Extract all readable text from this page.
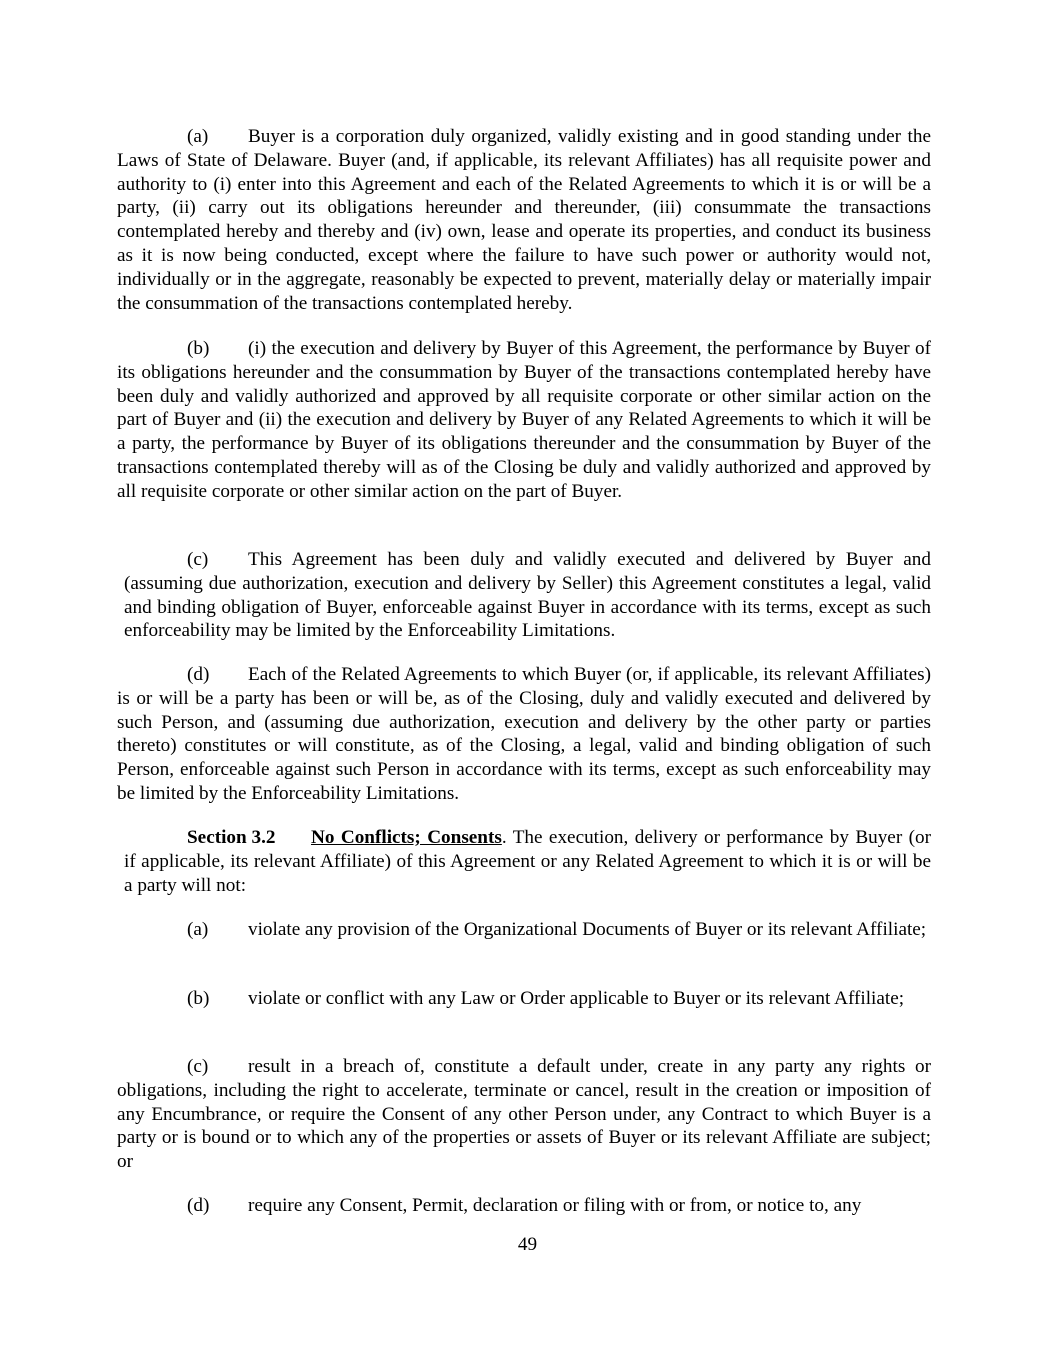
(a) Buyer is a corporation duly organized, validly existing and in good standing under the Laws of State of Delaware. Buyer (and, if applicable, its relevant Affiliates) has all requisite power and authority to (i) enter into this Agreement and each of the Related Agreements to which it is or will be a party, (ii) carry out its obligations hereunder and thereunder, (iii) consummate the transactions contemplated hereby and thereby and (iv) own, lease and operate its properties, and conduct its business as it is now being conducted, except where the failure to have such power or authority would not, individually or in the aggregate, reasonably be expected to prevent, materially delay or materially impair the consummation of the transactions contemplated hereby.

(b) (i) the execution and delivery by Buyer of this Agreement, the performance by Buyer of its obligations hereunder and the consummation by Buyer of the transactions contemplated hereby have been duly and validly authorized and approved by all requisite corporate or other similar action on the part of Buyer and (ii) the execution and delivery by Buyer of any Related Agreements to which it will be a party, the performance by Buyer of its obligations thereunder and the consummation by Buyer of the transactions contemplated thereby will as of the Closing be duly and validly authorized and approved by all requisite corporate or other similar action on the part of Buyer.

(c) This Agreement has been duly and validly executed and delivered by Buyer and (assuming due authorization, execution and delivery by Seller) this Agreement constitutes a legal, valid and binding obligation of Buyer, enforceable against Buyer in accordance with its terms, except as such enforceability may be limited by the Enforceability Limitations.

(d) Each of the Related Agreements to which Buyer (or, if applicable, its relevant Affiliates) is or will be a party has been or will be, as of the Closing, duly and validly executed and delivered by such Person, and (assuming due authorization, execution and delivery by the other party or parties thereto) constitutes or will constitute, as of the Closing, a legal, valid and binding obligation of such Person, enforceable against such Person in accordance with its terms, except as such enforceability may be limited by the Enforceability Limitations.

Section 3.2 No Conflicts; Consents. The execution, delivery or performance by Buyer (or if applicable, its relevant Affiliate) of this Agreement or any Related Agreement to which it is or will be a party will not:

(a) violate any provision of the Organizational Documents of Buyer or its relevant Affiliate;

(b) violate or conflict with any Law or Order applicable to Buyer or its relevant Affiliate;

(c) result in a breach of, constitute a default under, create in any party any rights or obligations, including the right to accelerate, terminate or cancel, result in the creation or imposition of any Encumbrance, or require the Consent of any other Person under, any Contract to which Buyer is a party or is bound or to which any of the properties or assets of Buyer or its relevant Affiliate are subject; or

(d) require any Consent, Permit, declaration or filing with or from, or notice to, any

49
